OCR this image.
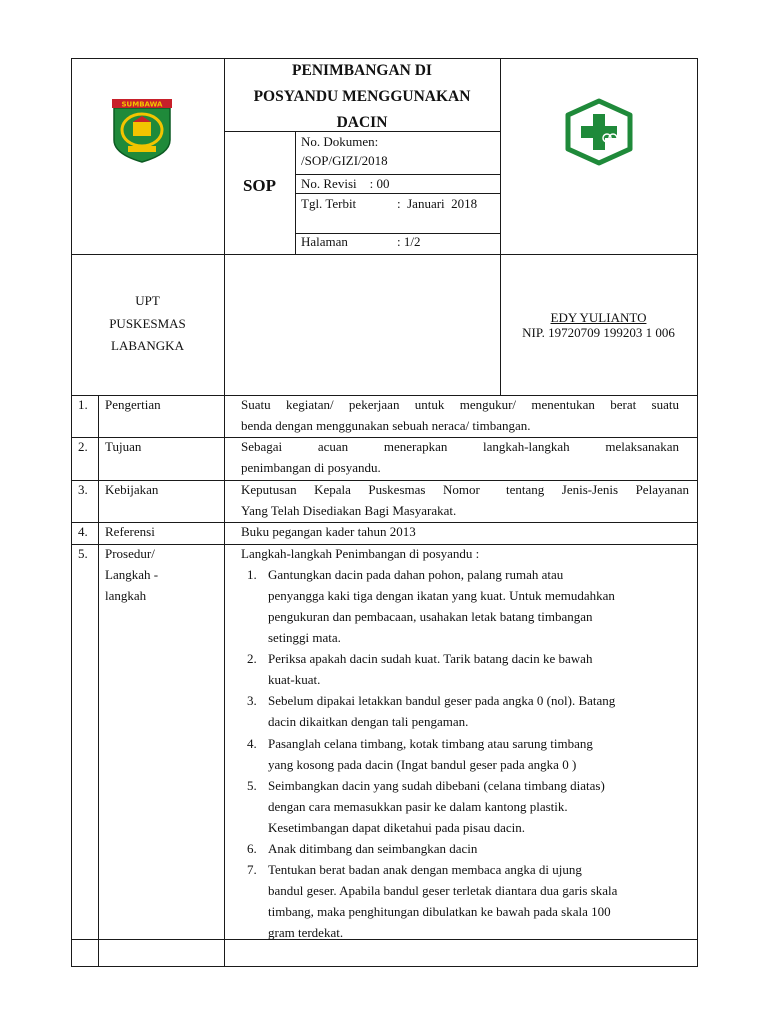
SUMBAWA
PENIMBANGAN DI
POSYANDU MENGGUNAKAN
DACIN
SOP
No. Dokumen:
/SOP/GIZI/2018
No. Revisi    : 00
Tgl. Terbit	:  Januari  2018
Halaman	: 1/2
UPT
PUSKESMAS
LABANGKA
EDY YULIANTO
NIP. 19720709 199203 1 006
1. Pengertian	Suatu kegiatan/ pekerjaan untuk mengukur/ menentukan berat suatu
benda dengan menggunakan sebuah neraca/ timbangan.
2. Tujuan	Sebagai acuan menerapkan langkah-langkah melaksanakan
penimbangan di posyandu.
3. Kebijakan	Keputusan  Kepala  Puskesmas  Nomor   tentang  Jenis-Jenis  Pelayanan
Yang Telah Disediakan Bagi Masyarakat.
4. Referensi	Buku pegangan kader tahun 2013
5. Prosedur/
Langkah -
langkah
Langkah-langkah Penimbangan di posyandu :
1. Gantungkan dacin pada dahan pohon, palang rumah atau
penyangga kaki tiga dengan ikatan yang kuat. Untuk memudahkan
pengukuran dan pembacaan, usahakan letak batang timbangan
setinggi mata.
2. Periksa apakah dacin sudah kuat. Tarik batang dacin ke bawah
kuat-kuat.
3. Sebelum dipakai letakkan bandul geser pada angka 0 (nol). Batang
dacin dikaitkan dengan tali pengaman.
4. Pasanglah celana timbang, kotak timbang atau sarung timbang
yang kosong pada dacin (Ingat bandul geser pada angka 0 )
5. Seimbangkan dacin yang sudah dibebani (celana timbang diatas)
dengan cara memasukkan pasir ke dalam kantong plastik.
Kesetimbangan dapat diketahui pada pisau dacin.
6. Anak ditimbang dan seimbangkan dacin
7. Tentukan berat badan anak dengan membaca angka di ujung
bandul geser. Apabila bandul geser terletak diantara dua garis skala
timbang, maka penghitungan dibulatkan ke bawah pada skala 100
gram terdekat.
